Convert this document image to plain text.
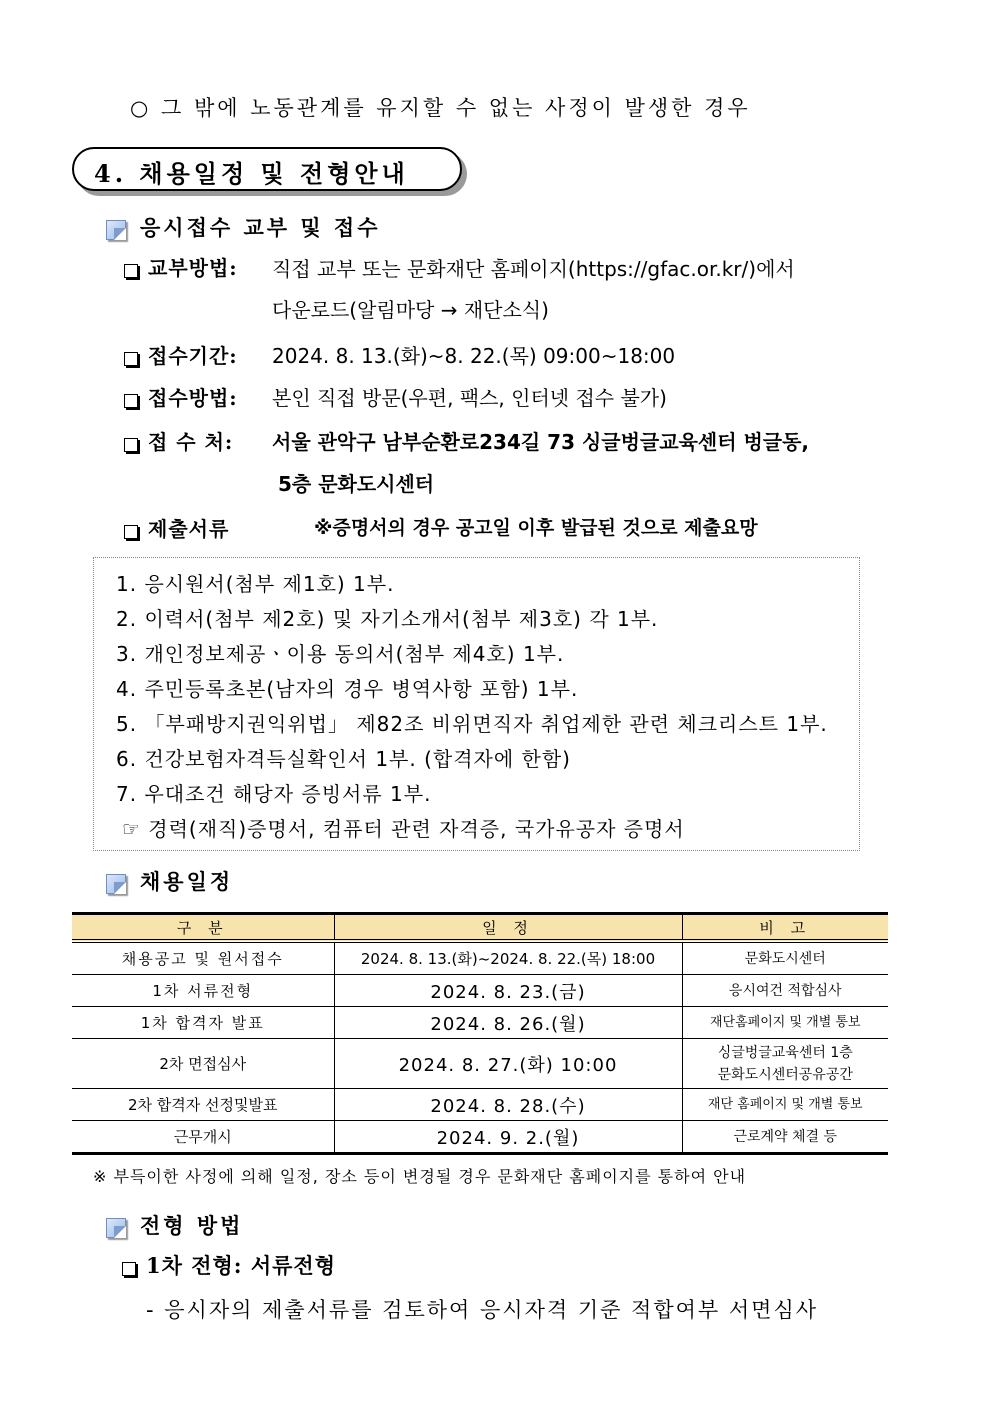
○ 그 밖에 노동관계를 유지할 수 없는 사정이 발생한 경우
4. 채용일정 및 전형안내
응시접수 교부 및 접수
교부방법: 직접 교부 또는 문화재단 홈페이지(https://gfac.or.kr/)에서
다운로드(알림마당 → 재단소식)
접수기간: 2024. 8. 13.(화)~8. 22.(목) 09:00~18:00
접수방법: 본인 직접 방문(우편, 팩스, 인터넷 접수 불가)
접 수 처: 서울 관악구 남부순환로234길 73 싱글벙글교육센터 벙글동,
5층 문화도시센터
제출서류	※증명서의 경우 공고일 이후 발급된 것으로 제출요망
1. 응시원서(첨부 제1호) 1부.
2. 이력서(첨부 제2호) 및 자기소개서(첨부 제3호) 각 1부.
3. 개인정보제공ㆍ이용 동의서(첨부 제4호) 1부.
4. 주민등록초본(남자의 경우 병역사항 포함) 1부.
5. 「부패방지권익위법」 제82조 비위면직자 취업제한 관련 체크리스트 1부.
6. 건강보험자격득실확인서 1부. (합격자에 한함)
7. 우대조건 해당자 증빙서류 1부.
☞ 경력(재직)증명서, 컴퓨터 관련 자격증, 국가유공자 증명서
채용일정
구 분	일 정	비 고
채용공고 및 원서접수	2024. 8. 13.(화)~2024. 8. 22.(목) 18:00	문화도시센터
1차 서류전형	2024. 8. 23.(금)	응시여건 적합심사
1차 합격자 발표	2024. 8. 26.(월)	재단홈페이지 및 개별 통보
2차 면접심사	2024. 8. 27.(화) 10:00	싱글벙글교육센터 1층
문화도시센터공유공간

2차 합격자 선정및발표	2024. 8. 28.(수)	재단 홈페이지 및 개별 통보
근무개시	2024. 9. 2.(월)	근로계약 체결 등
※ 부득이한 사정에 의해 일정, 장소 등이 변경될 경우 문화재단 홈페이지를 통하여 안내
전형 방법
1차 전형: 서류전형
- 응시자의 제출서류를 검토하여 응시자격 기준 적합여부 서면심사
